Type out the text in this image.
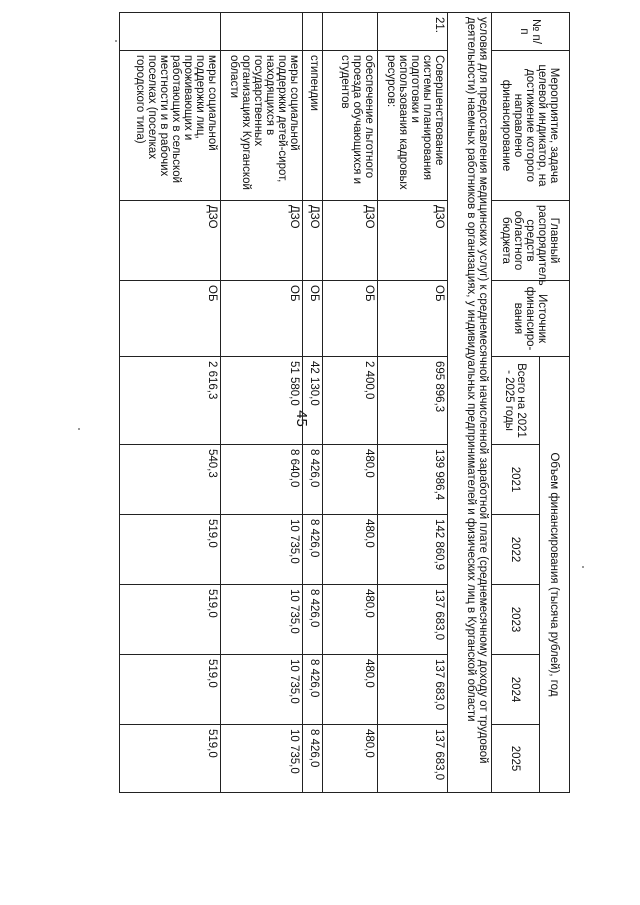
45
№ п/п	Мероприятие, задача целевой индикатор, на достижение которого направлено финансирование	Главный распорядитель средств областного бюджета	Источник финансиро-вания	Объем финансирования (тысяча рублей), год					
				Всего на 2021 - 2025 годы	2021	2022	2023	2024	2025
условия для предоставления медицинских услуг) к среднемесячной начисленной заработной плате (среднемесячному доходу от трудовой деятельности) наемных работников в организациях, у индивидуальных предпринимателей и физических лиц в Курганской области									
21.	Совершенствование системы планирования подготовки и использования кадровых ресурсов:	ДЗО	ОБ	695 896,3	139 986,4	142 860,9	137 683,0	137 683,0	137 683,0
	обеспечение льготного проезда обучающихся и студентов	ДЗО	ОБ	2 400,0	480,0	480,0	480,0	480,0	480,0
	стипендии	ДЗО	ОБ	42 130,0	8 426,0	8 426,0	8 426,0	8 426,0	8 426,0
	меры социальной поддержки детей-сирот, находящихся в государственных организациях Курганской области	ДЗО	ОБ	51 580,0	8 640,0	10 735,0	10 735,0	10 735,0	10 735,0
	меры социальной поддержки лиц, проживающих и работающих в сельской местности и в рабочих поселках (поселках городского типа)	ДЗО	ОБ	2 616,3	540,3	519,0	519,0	519,0	519,0
